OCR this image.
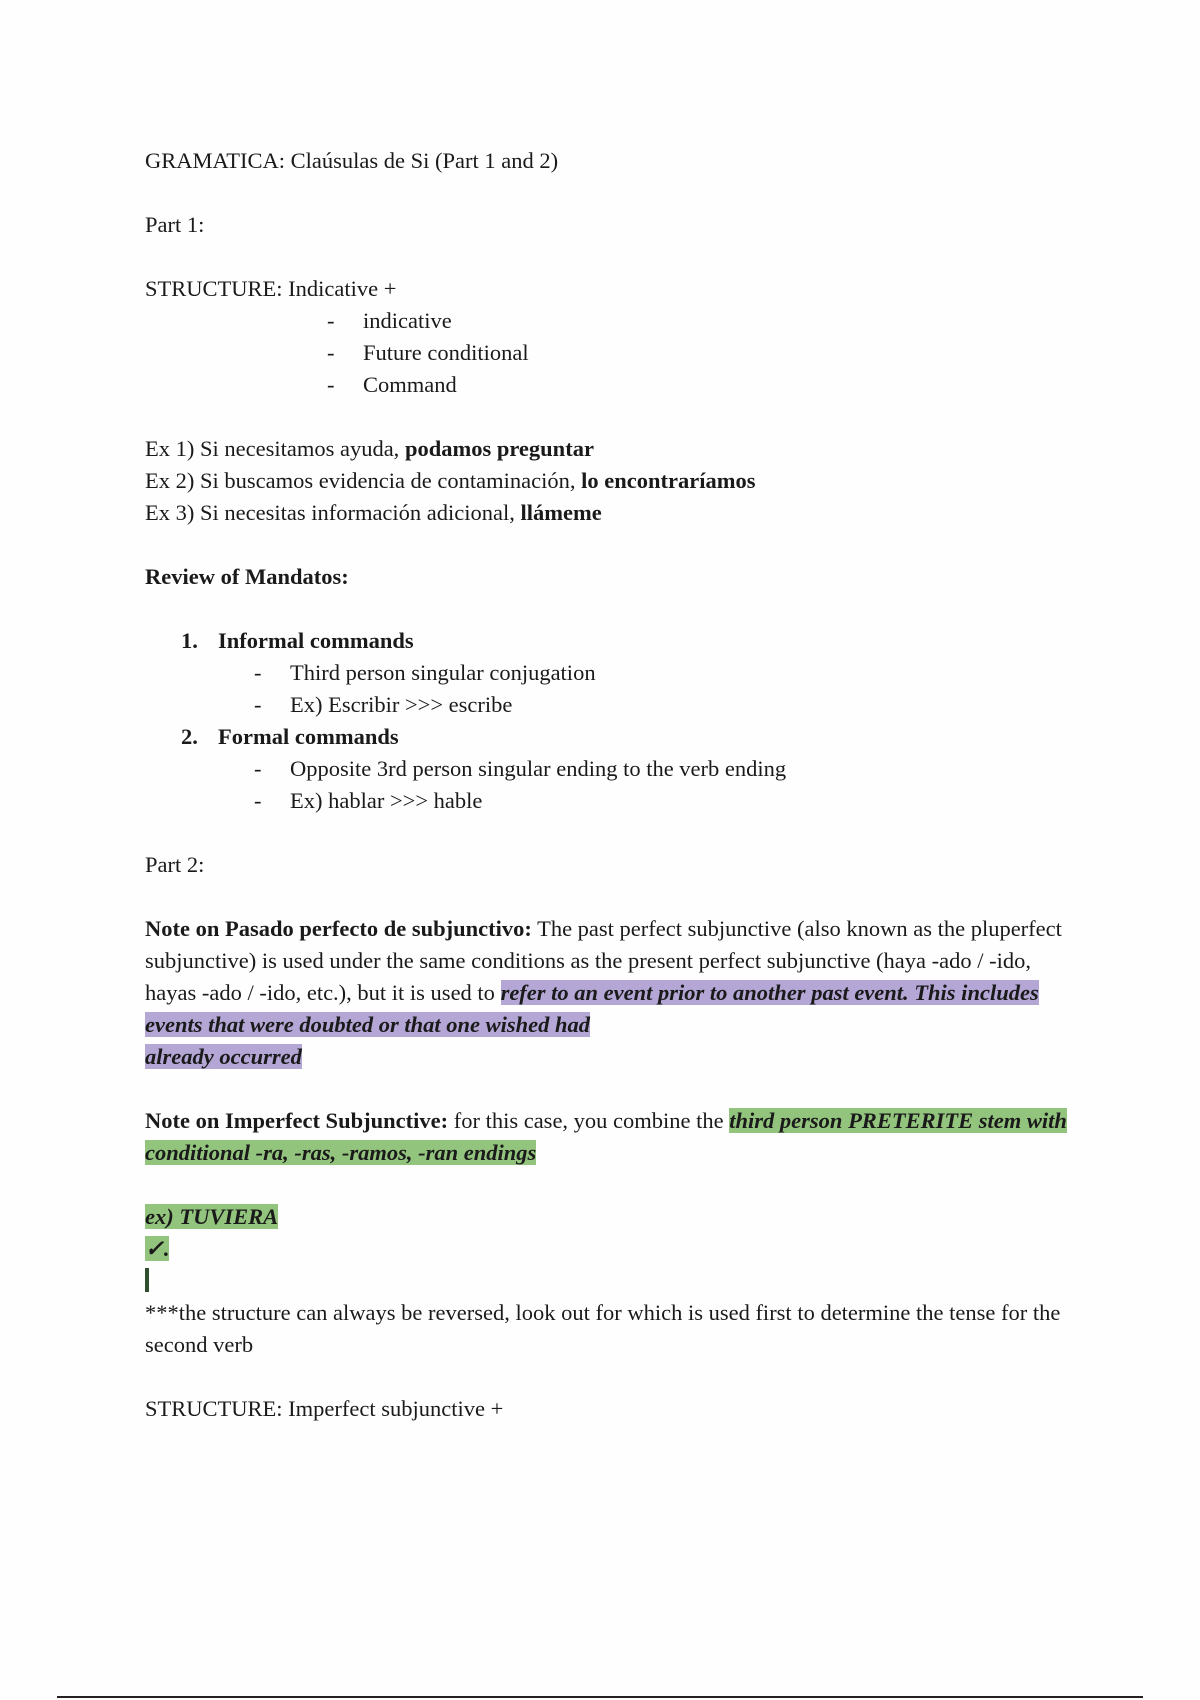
GRAMATICA: Claúsulas de Si (Part 1 and 2)

Part 1:

STRUCTURE: Indicative +

- indicative
- Future conditional
- Command

Ex 1) Si necesitamos ayuda, podamos preguntar

Ex 2) Si buscamos evidencia de contaminación, lo encontraríamos

Ex 3) Si necesitas información adicional, llámeme

Review of Mandatos:

1. Informal commands

- Third person singular conjugation
- Ex) Escribir >>> escribe

2. Formal commands

- Opposite 3rd person singular ending to the verb ending
- Ex) hablar >>> hable

Part 2:

Note on Pasado perfecto de subjunctivo: The past perfect subjunctive (also known as the pluperfect subjunctive) is used under the same conditions as the present perfect subjunctive (haya -ado / -ido, hayas -ado / -ido, etc.), but it is used to refer to an event prior to another past event. This includes events that were doubted or that one wished had
already occurred

Note on Imperfect Subjunctive: for this case, you combine the third person PRETERITE stem with conditional -ra, -ras, -ramos, -ran endings

ex) TUVIERA

✓.

***the structure can always be reversed, look out for which is used first to determine the tense for the second verb

STRUCTURE: Imperfect subjunctive +
